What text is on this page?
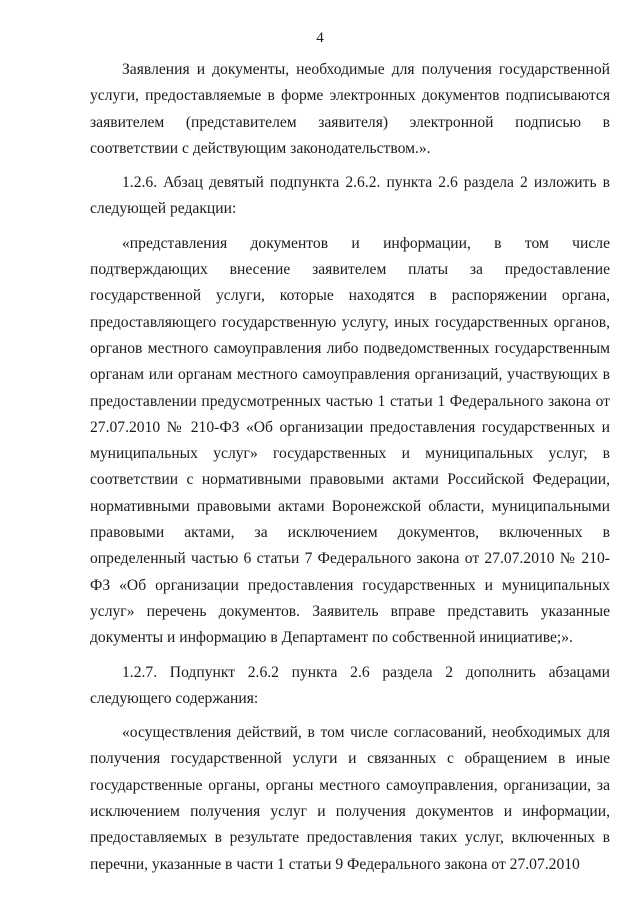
4

Заявления и документы, необходимые для получения государственной услуги, предоставляемые в форме электронных документов подписываются заявителем (представителем заявителя) электронной подписью в соответствии с действующим законодательством.».

1.2.6. Абзац девятый подпункта 2.6.2. пункта 2.6 раздела 2 изложить в следующей редакции:

«представления документов и информации, в том числе подтверждающих внесение заявителем платы за предоставление государственной услуги, которые находятся в распоряжении органа, предоставляющего государственную услугу, иных государственных органов, органов местного самоуправления либо подведомственных государственным органам или органам местного самоуправления организаций, участвующих в предоставлении предусмотренных частью 1 статьи 1 Федерального закона от 27.07.2010 № 210-ФЗ «Об организации предоставления государственных и муниципальных услуг» государственных и муниципальных услуг, в соответствии с нормативными правовыми актами Российской Федерации, нормативными правовыми актами Воронежской области, муниципальными правовыми актами, за исключением документов, включенных в определенный частью 6 статьи 7 Федерального закона от 27.07.2010 № 210-ФЗ «Об организации предоставления государственных и муниципальных услуг» перечень документов. Заявитель вправе представить указанные документы и информацию в Департамент по собственной инициативе;».

1.2.7. Подпункт 2.6.2 пункта 2.6 раздела 2 дополнить абзацами следующего содержания:

«осуществления действий, в том числе согласований, необходимых для получения государственной услуги и связанных с обращением в иные государственные органы, органы местного самоуправления, организации, за исключением получения услуг и получения документов и информации, предоставляемых в результате предоставления таких услуг, включенных в перечни, указанные в части 1 статьи 9 Федерального закона от 27.07.2010
